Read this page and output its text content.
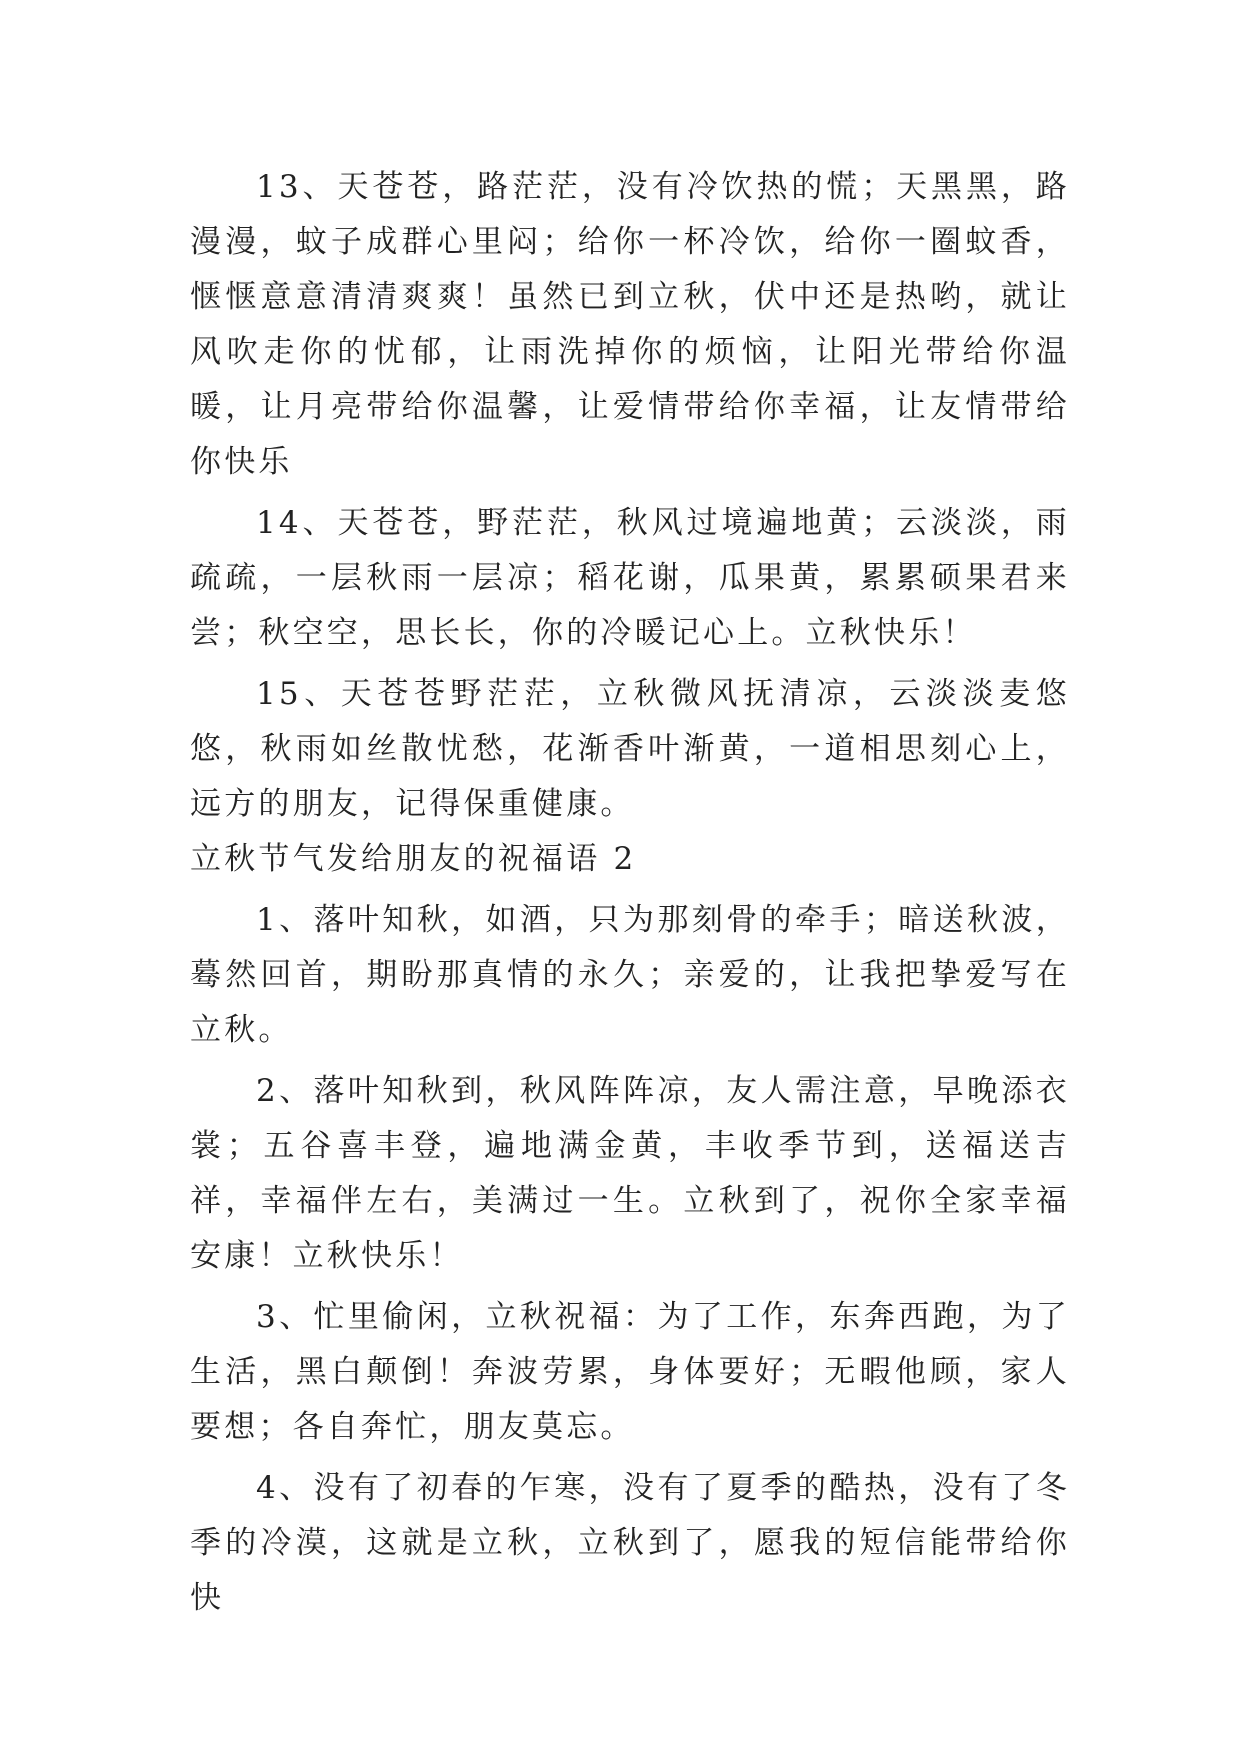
13、天苍苍，路茫茫，没有冷饮热的慌；天黑黑，路漫漫，蚊子成群心里闷；给你一杯冷饮，给你一圈蚊香，惬惬意意清清爽爽！虽然已到立秋，伏中还是热哟，就让风吹走你的忧郁，让雨洗掉你的烦恼，让阳光带给你温暖，让月亮带给你温馨，让爱情带给你幸福，让友情带给你快乐

14、天苍苍，野茫茫，秋风过境遍地黄；云淡淡，雨疏疏，一层秋雨一层凉；稻花谢，瓜果黄，累累硕果君来尝；秋空空，思长长，你的冷暖记心上。立秋快乐！

15、天苍苍野茫茫，立秋微风抚清凉，云淡淡麦悠悠，秋雨如丝散忧愁，花渐香叶渐黄，一道相思刻心上，远方的朋友，记得保重健康。

立秋节气发给朋友的祝福语 2

1、落叶知秋，如酒，只为那刻骨的牵手；暗送秋波，蓦然回首，期盼那真情的永久；亲爱的，让我把挚爱写在立秋。

2、落叶知秋到，秋风阵阵凉，友人需注意，早晚添衣裳；五谷喜丰登，遍地满金黄，丰收季节到，送福送吉祥，幸福伴左右，美满过一生。立秋到了，祝你全家幸福安康！立秋快乐！

3、忙里偷闲，立秋祝福：为了工作，东奔西跑，为了生活，黑白颠倒！奔波劳累，身体要好；无暇他顾，家人要想；各自奔忙，朋友莫忘。

4、没有了初春的乍寒，没有了夏季的酷热，没有了冬季的冷漠，这就是立秋，立秋到了，愿我的短信能带给你快
